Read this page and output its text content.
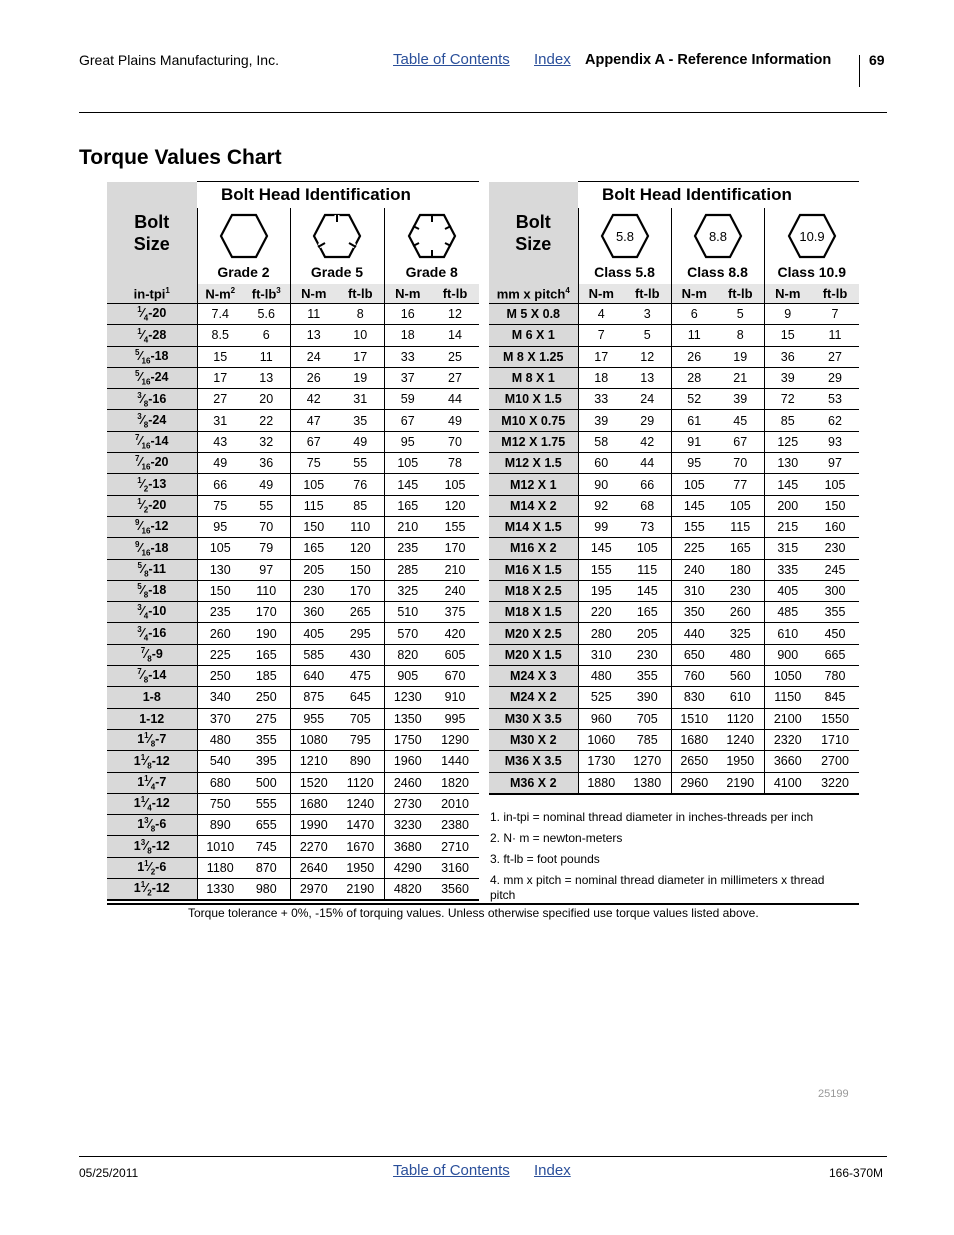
Great Plains Manufacturing, Inc.	Table of Contents Index Appendix A - Reference Information	69
Torque Values Chart
Bolt
Size	Bolt Head Identification					

	Grade 2		Grade 5		Grade 8	

in-tpi$^1$	$N-m^2$	$ft-lb^3$	N-m	ft-lb	N-m	ft-lb
$^1⁄_4-20$	7.4	5.6	11	8	16	12
$^1⁄_4-28$	8.5	6	13	10	18	14
$^5⁄_{16}-18$	15	11	24	17	33	25
$^5⁄_{16}-24$	17	13	26	19	37	27
$^3⁄_8-16$	27	20	42	31	59	44
$^3⁄_8-24$	31	22	47	35	67	49
$^7⁄_{16}-14$	43	32	67	49	95	70
$^7⁄_{16}-20$	49	36	75	55	105	78
$^1⁄_2-13$	66	49	105	76	145	105
$^1⁄_2-20$	75	55	115	85	165	120
$^9⁄_{16}-12$	95	70	150	110	210	155
$^9⁄_{16}-18$	105	79	165	120	235	170
$^5⁄_8-11$	130	97	205	150	285	210
$^5⁄_8-18$	150	110	230	170	325	240
$^3⁄_4-10$	235	170	360	265	510	375
$^3⁄_4-16$	260	190	405	295	570	420
$^7⁄_8-9$	225	165	585	430	820	605
$^7⁄_8-14$	250	185	640	475	905	670
1-8	340	250	875	645	1230	910
1-12	370	275	955	705	1350	995
$1^1⁄_8-7$	480	355	1080	795	1750	1290
$1^1⁄_8-12$	540	395	1210	890	1960	1440
$1^1⁄_4-7$	680	500	1520	1120	2460	1820
$1^1⁄_4-12$	750	555	1680	1240	2730	2010
$1^3⁄_8-6$	890	655	1990	1470	3230	2380
$1^3⁄_8-12$	1010	745	2270	1670	3680	2710
$1^1⁄_2-6$	1180	870	2640	1950	4290	3160
$1^1⁄_2-12$	1330	980	2970	2190	4820	3560
Bolt
Size	Bolt Head Identification					

5.8
Class 5.8		8.8
Class 8.8		10.9
Class 10.9	

mm x pitch$^4$	N-m	ft-lb	N-m	ft-lb	N-m	ft-lb
M 5 X 0.8	4	3	6	5	9	7
M 6 X 1	7	5	11	8	15	11
M 8 X 1.25	17	12	26	19	36	27
M 8 X 1	18	13	28	21	39	29
M10 X 1.5	33	24	52	39	72	53
M10 X 0.75	39	29	61	45	85	62
M12 X 1.75	58	42	91	67	125	93
M12 X 1.5	60	44	95	70	130	97
M12 X 1	90	66	105	77	145	105
M14 X 2	92	68	145	105	200	150
M14 X 1.5	99	73	155	115	215	160
M16 X 2	145	105	225	165	315	230
M16 X 1.5	155	115	240	180	335	245
M18 X 2.5	195	145	310	230	405	300
M18 X 1.5	220	165	350	260	485	355
M20 X 2.5	280	205	440	325	610	450
M20 X 1.5	310	230	650	480	900	665
M24 X 3	480	355	760	560	1050	780
M24 X 2	525	390	830	610	1150	845
M30 X 3.5	960	705	1510	1120	2100	1550
M30 X 2	1060	785	1680	1240	2320	1710
M36 X 3.5	1730	1270	2650	1950	3660	2700
M36 X 2	1880	1380	2960	2190	4100	3220
1. in-tpi = nominal thread diameter in inches-threads per inch
2. N· m = newton-meters
3. ft-lb = foot pounds
4. mm x pitch = nominal thread diameter in millimeters x thread pitch
Torque tolerance + 0%, -15% of torquing values. Unless otherwise specified use torque values listed above.
25199
05/25/2011	Table of Contents Index	166-370M
